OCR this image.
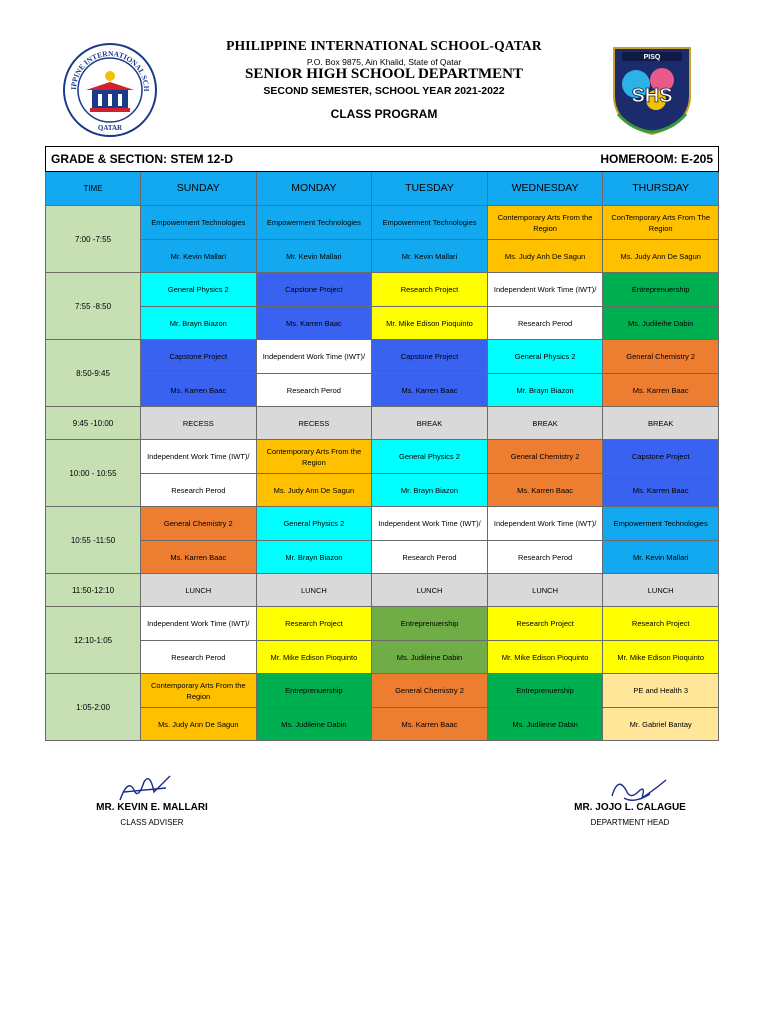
IPPINE INTERNATIONAL SCH
QATAR
PISQ
SHS
PHILIPPINE INTERNATIONAL SCHOOL-QATAR
P.O. Box 9875, Ain Khalid, State of Qatar
SENIOR HIGH SCHOOL DEPARTMENT
SECOND SEMESTER, SCHOOL YEAR 2021-2022
CLASS PROGRAM
GRADE & SECTION: STEM 12-D HOMEROOM: E-205					

TIME	SUNDAY	MONDAY	TUESDAY	WEDNESDAY	THURSDAY
7:00 -7:55	Empowerment Technologies	Empowerment Technologies	Empowerment Technologies	Contemporary Arts From the Region	ConTemporary Arts From The Region
	Mr. Kevin Mallari	Mr. Kevin Mallari	Mr. Kevin Mallari	Ms. Judy Anh De Sagun	Ms. Judy Ann De Sagun
7:55 -8:50	General Physics 2	Capstone Project	Research Project	Independent Work Time (IWT)/	Entreprenuership
	Mr. Brayn Biazon	Ms. Karren Baac	Mr. Mike Edison Pioquinto	Research Perod	Ms. Judileihe Dabin
8:50-9:45	Capstone Project	Independent Work Time (IWT)/	Capstone Project	General Physics 2	General Chemistry 2
	Ms. Karren Baac	Research Perod	Ms. Karren Baac	Mr. Brayn Biazon	Ms. Karren Baac
9:45 -10:00	RECESS	RECESS	BREAK	BREAK	BREAK
10:00 - 10:55	Independent Work Time (IWT)/	Contemporary Arts From the Region	General Physics 2	General Chemistry 2	Capstone Project
	Research Perod	Ms. Judy Ann De Sagun	Mr. Brayn Biazon	Ms. Karren Baac	Ms. Karren Baac
10:55 -11:50	General Chemistry 2	General Physics 2	Independent Work Time (IWT)/	Independent Work Time (IWT)/	Empowerment Technologies
	Ms. Karren Baac	Mr. Brayn Biazon	Research Perod	Research Perod	Mr. Kevin Mallari
11:50-12:10	LUNCH	LUNCH	LUNCH	LUNCH	LUNCH
12:10-1:05	Independent Work Time (IWT)/	Research Project	Entreprenuership	Research Project	Research Project
	Research Perod	Mr. Mike Edison Pioquinto	Ms. Judileine Dabin	Mr. Mike Edison Pioquinto	Mr. Mike Edison Pioquinto
1:05-2:00	Contemporary Arts From the Region	Entreprenuership	General Chemistry 2	Entreprenuership	PE and Health 3
	Ms. Judy Ann De Sagun	Ms. Judileine Dabin	Ms. Karren Baac	Ms. Judileine Dabin	Mr. Gabriel Bantay
MR. KEVIN E. MALLARI
CLASS ADVISER
MR. JOJO L. CALAGUE
DEPARTMENT HEAD
